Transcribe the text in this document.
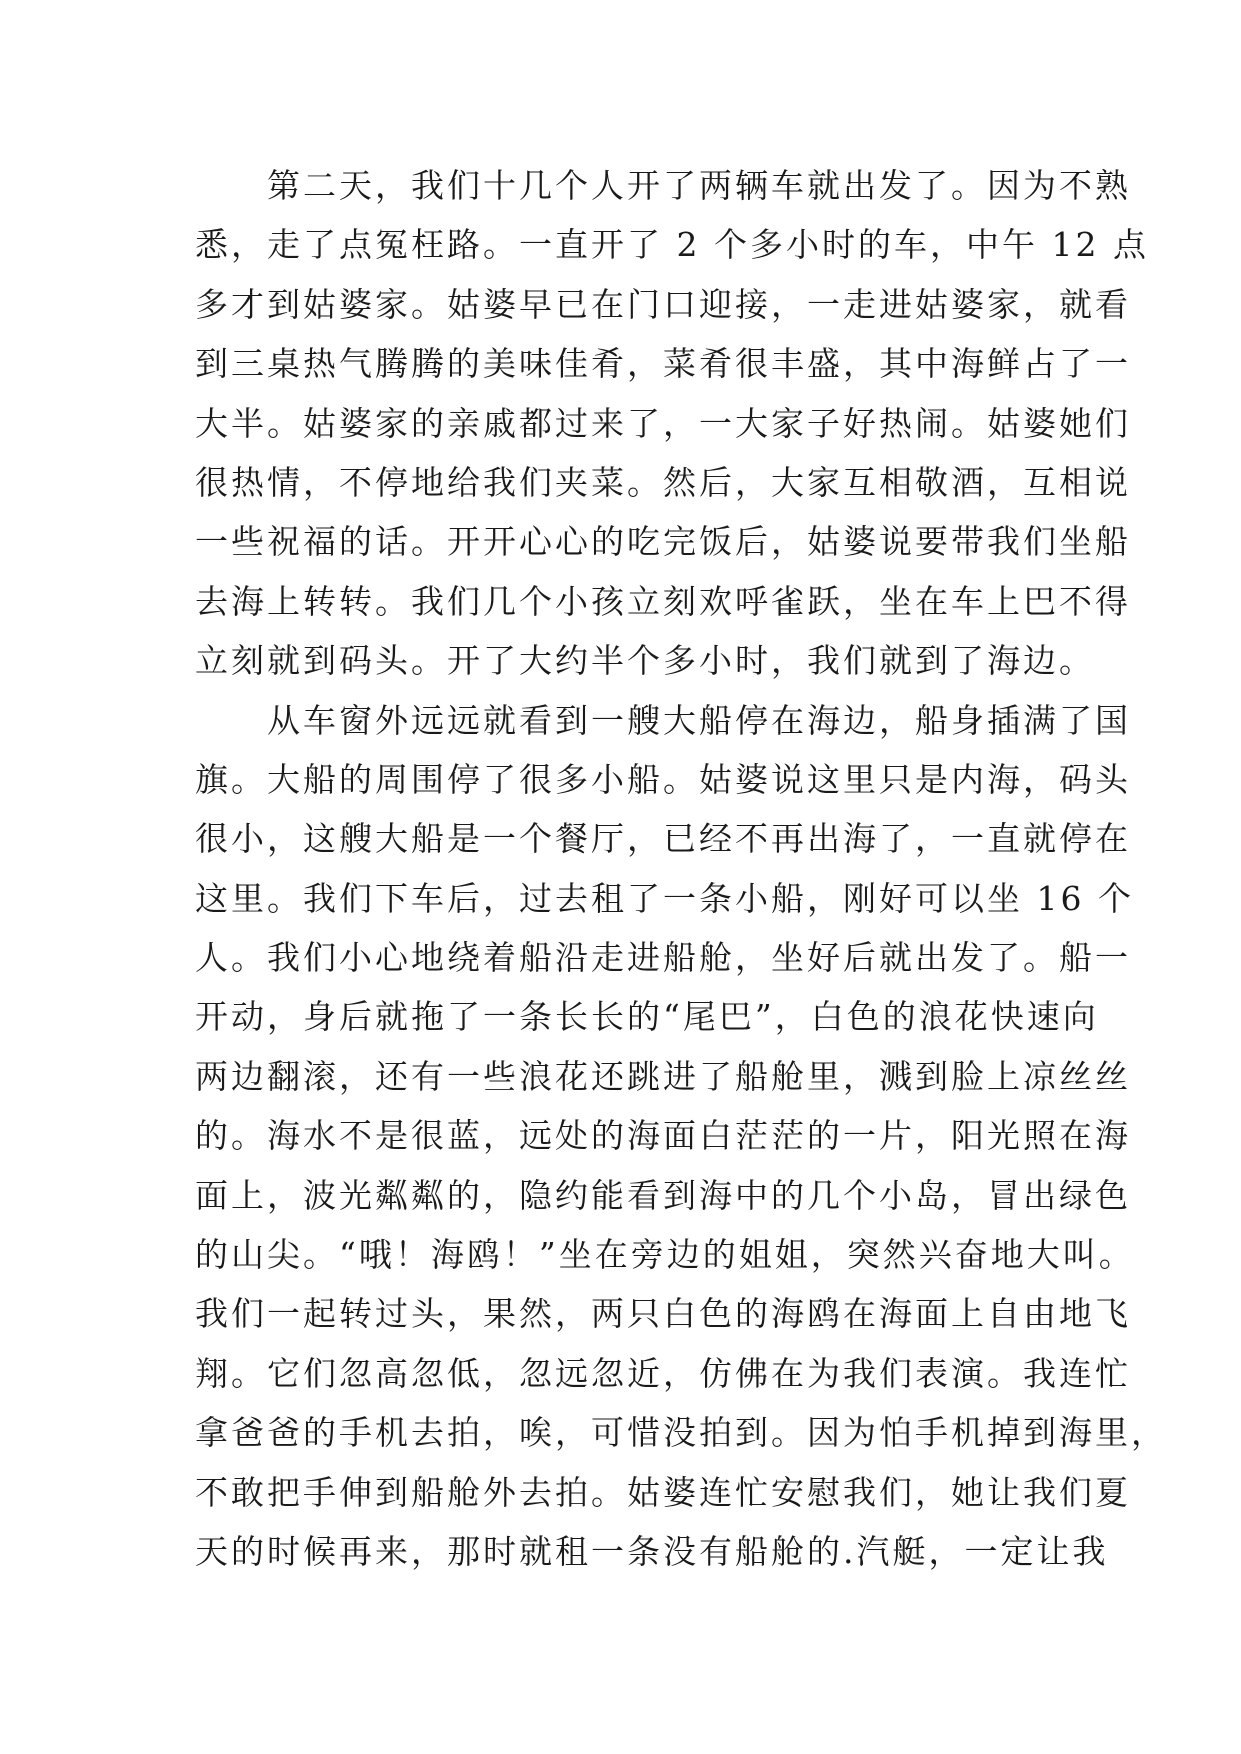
第二天，我们十几个人开了两辆车就出发了。因为不熟
悉，走了点冤枉路。一直开了 2 个多小时的车，中午 12 点
多才到姑婆家。姑婆早已在门口迎接，一走进姑婆家，就看
到三桌热气腾腾的美味佳肴，菜肴很丰盛，其中海鲜占了一
大半。姑婆家的亲戚都过来了，一大家子好热闹。姑婆她们
很热情，不停地给我们夹菜。然后，大家互相敬酒，互相说
一些祝福的话。开开心心的吃完饭后，姑婆说要带我们坐船
去海上转转。我们几个小孩立刻欢呼雀跃，坐在车上巴不得
立刻就到码头。开了大约半个多小时，我们就到了海边。
从车窗外远远就看到一艘大船停在海边，船身插满了国
旗。大船的周围停了很多小船。姑婆说这里只是内海，码头
很小，这艘大船是一个餐厅，已经不再出海了，一直就停在
这里。我们下车后，过去租了一条小船，刚好可以坐 16 个
人。我们小心地绕着船沿走进船舱，坐好后就出发了。船一
开动，身后就拖了一条长长的“尾巴”，白色的浪花快速向
两边翻滚，还有一些浪花还跳进了船舱里，溅到脸上凉丝丝
的。海水不是很蓝，远处的海面白茫茫的一片，阳光照在海
面上，波光粼粼的，隐约能看到海中的几个小岛，冒出绿色
的山尖。“哦！海鸥！”坐在旁边的姐姐，突然兴奋地大叫。
我们一起转过头，果然，两只白色的海鸥在海面上自由地飞
翔。它们忽高忽低，忽远忽近，仿佛在为我们表演。我连忙
拿爸爸的手机去拍，唉，可惜没拍到。因为怕手机掉到海里，
不敢把手伸到船舱外去拍。姑婆连忙安慰我们，她让我们夏
天的时候再来，那时就租一条没有船舱的.汽艇，一定让我
